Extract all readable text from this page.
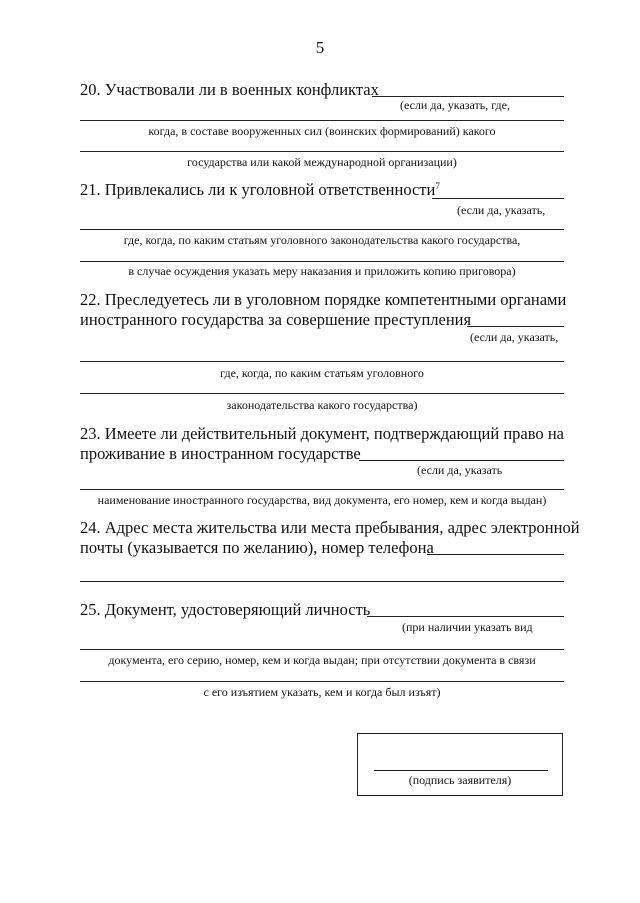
5
20. Участвовали ли в военных конфликтах
(если да, указать, где,
когда, в составе вооруженных сил (воинских формирований) какого
государства или какой международной организации)
21. Привлекались ли к уголовной ответственности$^7$
(если да, указать,
где, когда, по каким статьям уголовного законодательства какого государства,
в случае осуждения указать меру наказания и приложить копию приговора)
22. Преследуетесь ли в уголовном порядке компетентными органами
иностранного государства за совершение преступления
(если да, указать,
где, когда, по каким статьям уголовного
законодательства какого государства)
23. Имеете ли действительный документ, подтверждающий право на
проживание в иностранном государстве
(если да, указать
наименование иностранного государства, вид документа, его номер, кем и когда выдан)
24. Адрес места жительства или места пребывания, адрес электронной
почты (указывается по желанию), номер телефона
25. Документ, удостоверяющий личность
(при наличии указать вид
документа, его серию, номер, кем и когда выдан; при отсутствии документа в связи
с его изъятием указать, кем и когда был изъят)
(подпись заявителя)
